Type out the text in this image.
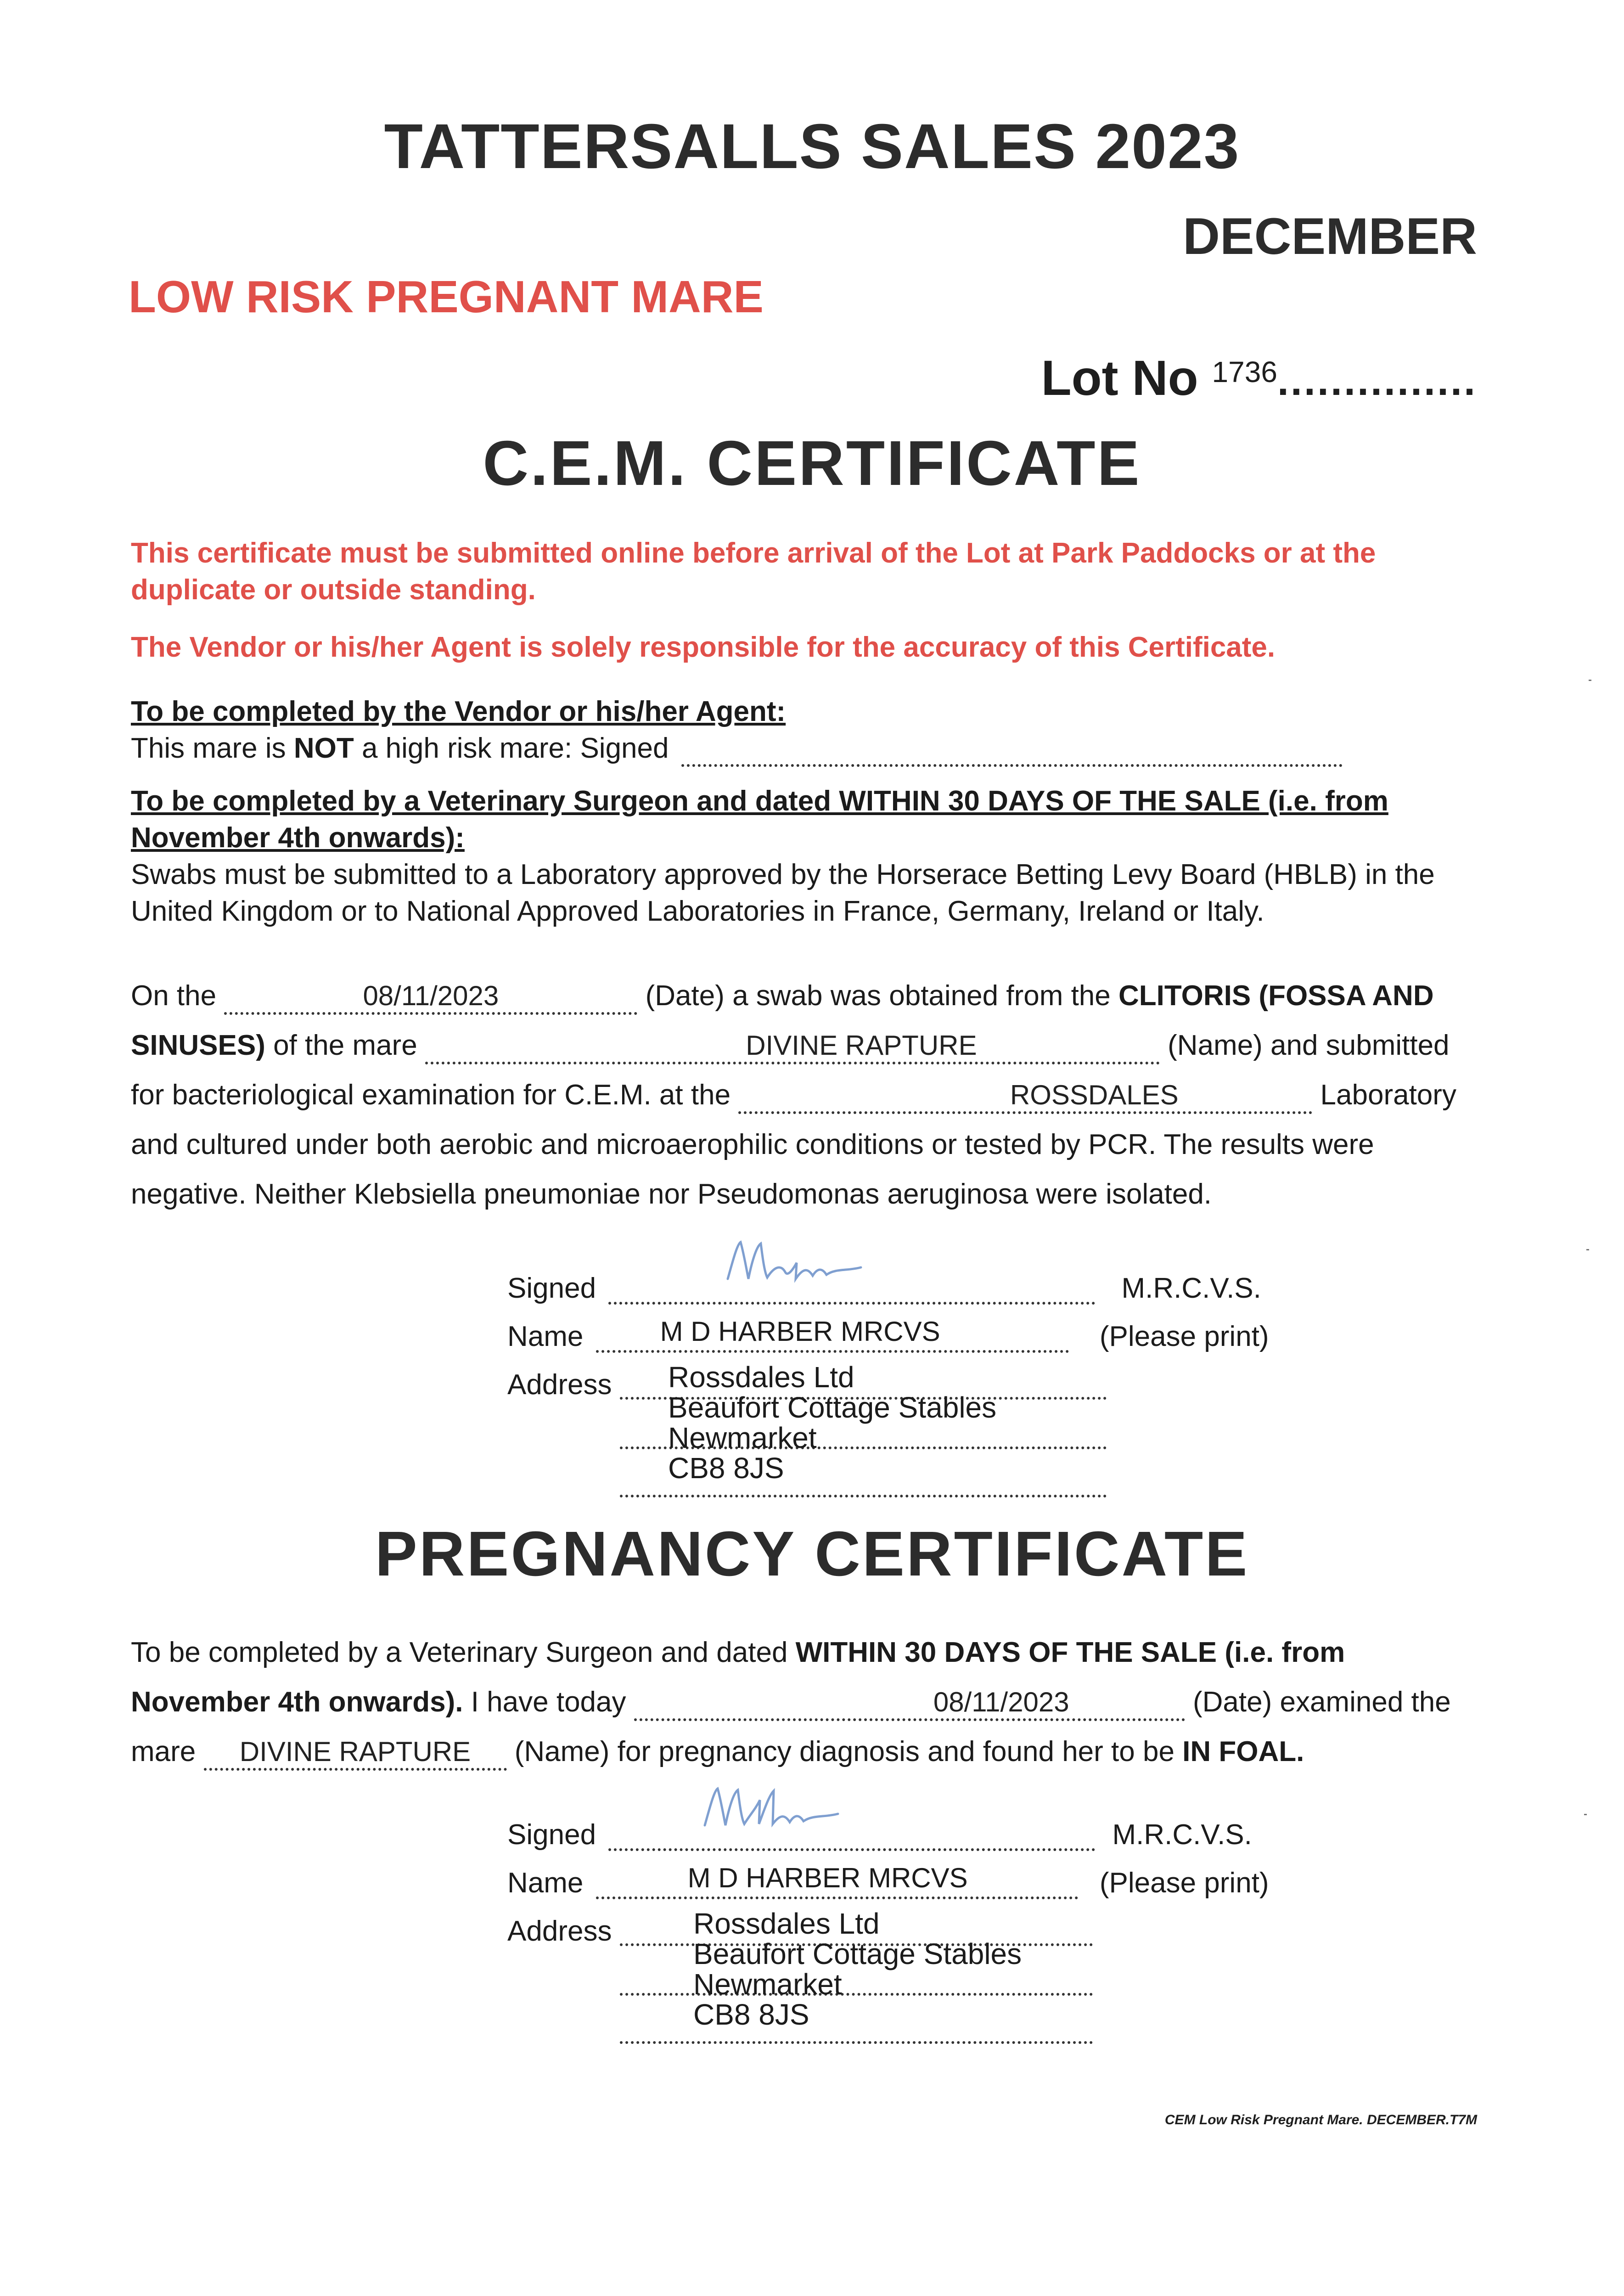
TATTERSALLS SALES 2023
DECEMBER
LOW RISK PREGNANT MARE
Lot No 1736...............
C.E.M. CERTIFICATE
This certificate must be submitted online before arrival of the Lot at Park Paddocks or at the duplicate or outside standing.
The Vendor or his/her Agent is solely responsible for the accuracy of this Certificate.
To be completed by the Vendor or his/her Agent:
This mare is NOT a high risk mare: Signed
To be completed by a Veterinary Surgeon and dated WITHIN 30 DAYS OF THE SALE (i.e. from November 4th onwards):
Swabs must be submitted to a Laboratory approved by the Horserace Betting Levy Board (HBLB) in the United Kingdom or to National Approved Laboratories in France, Germany, Ireland or Italy.
On the	08/11/2023	(Date) a swab was obtained from the CLITORIS (FOSSA AND
SINUSES) of the mare	DIVINE RAPTURE	(Name) and submitted
for bacteriological examination for C.E.M. at the	ROSSDALES	Laboratory
and cultured under both aerobic and microaerophilic conditions or tested by PCR. The results were
negative. Neither Klebsiella pneumoniae nor Pseudomonas aeruginosa were isolated.
Signed	M.R.C.V.S.
Name	M D HARBER MRCVS	(Please print)
Address Rossdales Ltd
Beaufort Cottage Stables
Newmarket
CB8 8JS
PREGNANCY CERTIFICATE
To be completed by a Veterinary Surgeon and dated WITHIN 30 DAYS OF THE SALE (i.e. from
November 4th onwards). I have today	08/11/2023	(Date) examined the
mare DIVINE RAPTURE (Name) for pregnancy diagnosis and found her to be IN FOAL.
Signed	M.R.C.V.S.
Name	M D HARBER MRCVS	(Please print)
Address	Rossdales Ltd
Beaufort Cottage Stables
Newmarket
CB8 8JS
CEM Low Risk Pregnant Mare. DECEMBER.T7M
